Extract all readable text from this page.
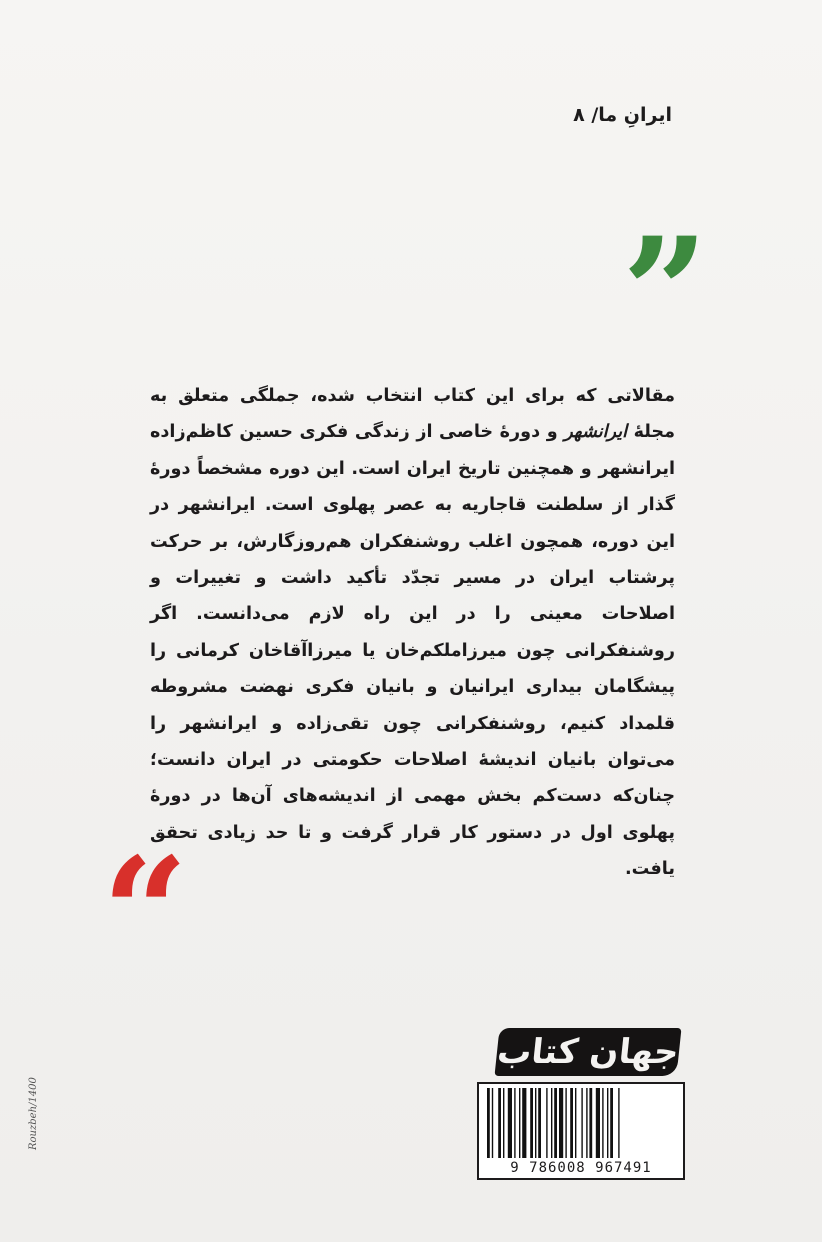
ایرانِ ما/ ۸
”

مقالاتی که برای این کتاب انتخاب شده، جملگی متعلق به مجلهٔ ایرانشهر و دورهٔ خاصی از زندگی فکری حسین کاظم‌زاده ایرانشهر و همچنین تاریخ ایران است. این دوره مشخصاً دورهٔ گذار از سلطنت قاجاریه به عصر پهلوی است. ایرانشهر در این دوره، همچون اغلب روشنفکران هم‌روزگارش، بر حرکت پرشتاب ایران در مسیر تجدّد تأکید داشت و تغییرات و اصلاحات معینی را در این راه لازم می‌دانست. اگر روشنفکرانی چون میرزاملکم‌خان یا میرزاآقاخان کرمانی را پیشگامان بیداری ایرانیان و بانیان فکری نهضت مشروطه قلمداد کنیم، روشنفکرانی چون تقی‌زاده و ایرانشهر را می‌توان بانیان اندیشهٔ اصلاحات حکومتی در ایران دانست؛ چنان‌که دست‌کم بخش مهمی از اندیشه‌های آن‌ها در دورهٔ پهلوی اول در دستور کار قرار گرفت و تا حد زیادی تحقق یافت.

“
جهان کتاب
9 786008 967491
Rouzbeh/1400
